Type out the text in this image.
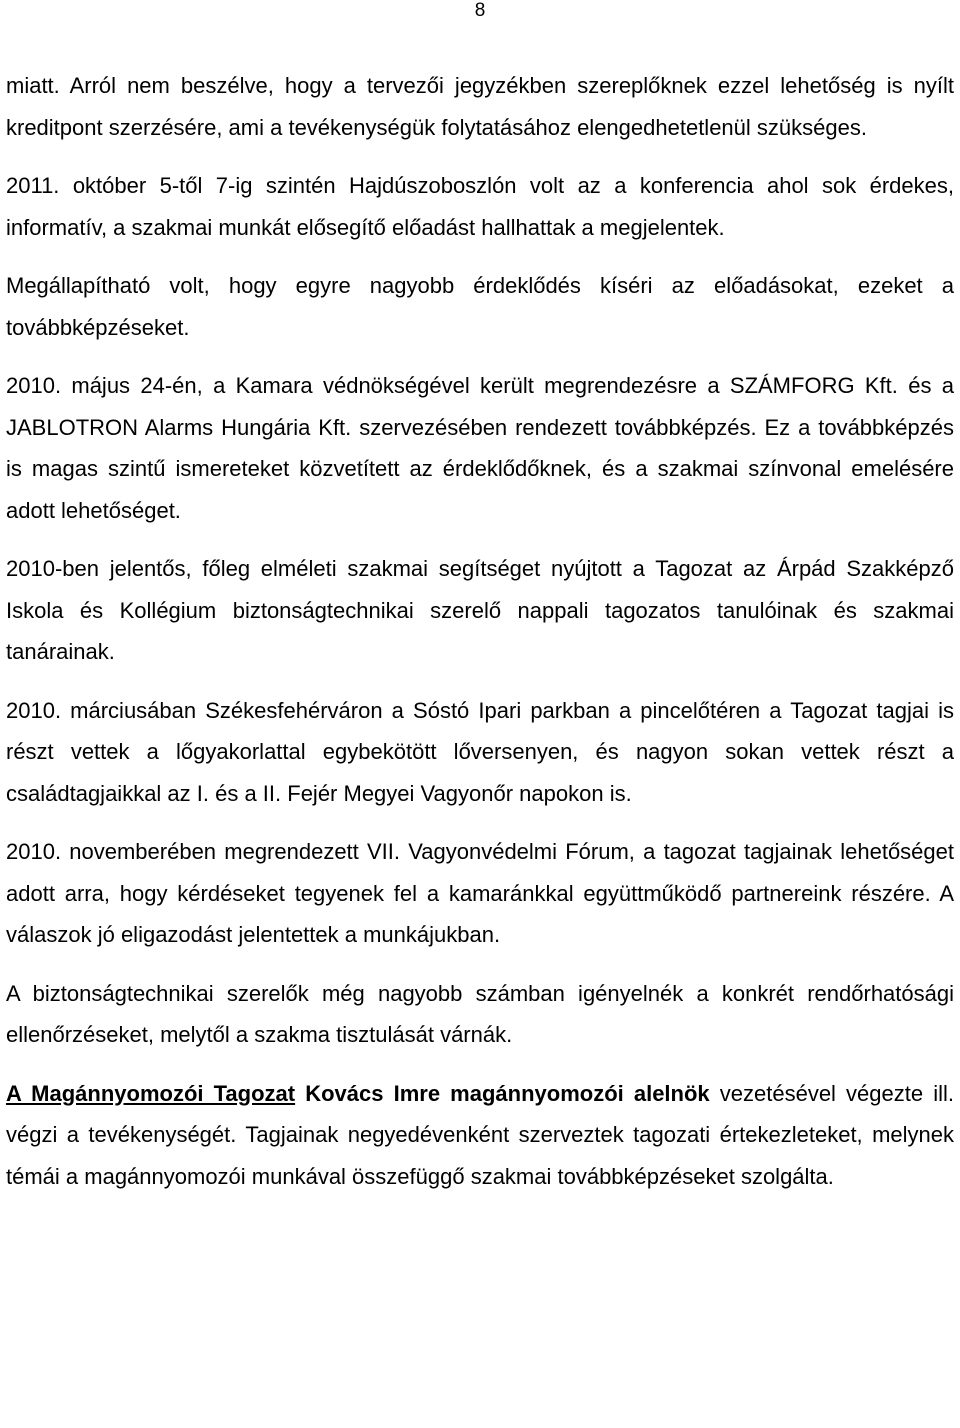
8

miatt. Arról nem beszélve, hogy a tervezői jegyzékben szereplőknek ezzel lehetőség is nyílt kreditpont szerzésére, ami a tevékenységük folytatásához elengedhetetlenül szükséges.

2011. október 5-től 7-ig szintén Hajdúszoboszlón volt az a konferencia ahol sok érdekes, informatív, a szakmai munkát elősegítő előadást hallhattak a megjelentek.

Megállapítható volt, hogy egyre nagyobb érdeklődés kíséri az előadásokat, ezeket a továbbképzéseket.

2010. május 24-én, a Kamara védnökségével került megrendezésre a SZÁMFORG Kft. és a JABLOTRON Alarms Hungária Kft. szervezésében rendezett továbbképzés. Ez a továbbképzés is magas szintű ismereteket közvetített az érdeklődőknek, és a szakmai színvonal emelésére adott lehetőséget.

2010-ben jelentős, főleg elméleti szakmai segítséget nyújtott a Tagozat az Árpád Szakképző Iskola és Kollégium biztonságtechnikai szerelő nappali tagozatos tanulóinak és szakmai tanárainak.

2010. márciusában Székesfehérváron a Sóstó Ipari parkban a pincelőtéren a Tagozat tagjai is részt vettek a lőgyakorlattal egybekötött lőversenyen, és nagyon sokan vettek részt a családtagjaikkal az I. és a II. Fejér Megyei Vagyonőr napokon is.

2010. novemberében megrendezett VII. Vagyonvédelmi Fórum, a tagozat tagjainak lehetőséget adott arra, hogy kérdéseket tegyenek fel a kamaránkkal együttműködő partnereink részére. A válaszok jó eligazodást jelentettek a munkájukban.

A biztonságtechnikai szerelők még nagyobb számban igényelnék a konkrét rendőrhatósági ellenőrzéseket, melytől a szakma tisztulását várnák.

A Magánnyomozói Tagozat Kovács Imre magánnyomozói alelnök vezetésével végezte ill. végzi a tevékenységét. Tagjainak negyedévenként szerveztek tagozati értekezleteket, melynek témái a magánnyomozói munkával összefüggő szakmai továbbképzéseket szolgálta.
